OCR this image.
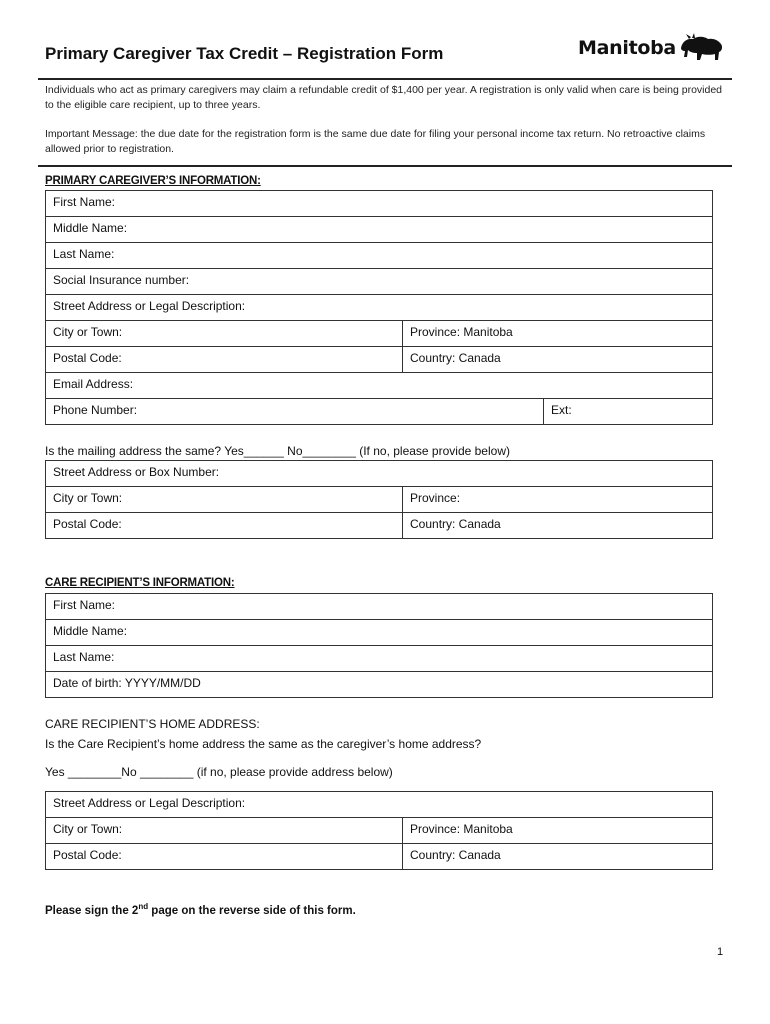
Primary Caregiver Tax Credit – Registration Form	Manitoba
Individuals who act as primary caregivers may claim a refundable credit of $1,400 per year. A registration is only valid when care is being provided to the eligible care recipient, up to three years.
Important Message: the due date for the registration form is the same due date for filing your personal income tax return. No retroactive claims allowed prior to registration.
PRIMARY CAREGIVER’S INFORMATION:
First Name:
Middle Name:
Last Name:
Social Insurance number:
Street Address or Legal Description:
City or Town:	Province: Manitoba
Postal Code:	Country: Canada
Email Address:
Phone Number:	Ext:
Is the mailing address the same? Yes______ No________ (If no, please provide below)
Street Address or Box Number:
City or Town:	Province:
Postal Code:	Country: Canada
CARE RECIPIENT’S INFORMATION:
First Name:
Middle Name:
Last Name:
Date of birth: YYYY/MM/DD
CARE RECIPIENT’S HOME ADDRESS:
Is the Care Recipient’s home address the same as the caregiver’s home address?
Yes ________No ________ (if no, please provide address below)
Street Address or Legal Description:
City or Town:	Province: Manitoba
Postal Code:	Country: Canada
Please sign the 2nd page on the reverse side of this form.
1
